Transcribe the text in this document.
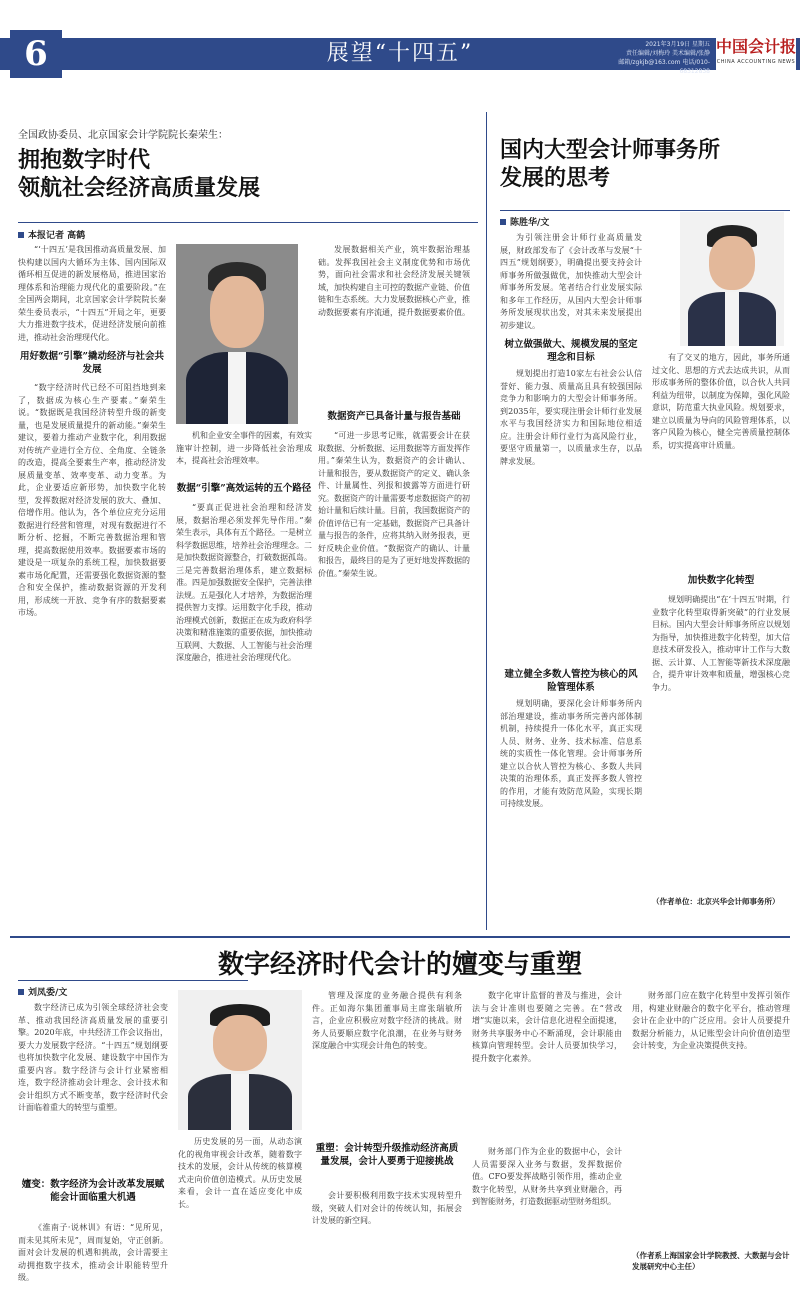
6	展望“十四五”	2021年3月19日 星期五
责任编辑/刘梅玲 美术编辑/张静
邮箱/zgkjb@163.com 电话/010-68312838
中国会计报
CHINA ACCOUNTING NEWS
全国政协委员、北京国家会计学院院长秦荣生：
拥抱数字时代
领航社会经济高质量发展
本报记者 高鹤

“‘十四五’是我国推动高质量发展、加快构建以国内大循环为主体、国内国际双循环相互促进的新发展格局，推进国家治理体系和治理能力现代化的重要阶段。”在全国两会期间，北京国家会计学院院长秦荣生委员表示，“十四五”开局之年，更要大力推进数字技术，促进经济发展向前推进，推动社会治理现代化。

用好数据“引擎”撬动经济与社会共发展

“数字经济时代已经不可阻挡地到来了，数据成为核心生产要素。”秦荣生说。“数据既是我国经济转型升级的新变量，也是发展质量提升的新动能。”秦荣生建议，要着力推动产业数字化，利用数据对传统产业进行全方位、全角度、全链条的改造，提高全要素生产率，推动经济发展质量变革、效率变革、动力变革。为此，企业要适应新形势，加快数字化转型，发挥数据对经济发展的放大、叠加、倍增作用。他认为，各个单位应充分运用数据进行经营和管理，对现有数据进行不断分析、挖掘，不断完善数据治理和管理，提高数据使用效率。数据要素市场的建设是一项复杂的系统工程，加快数据要素市场化配置，还需要强化数据资源的整合和安全保护，推动数据资源的开发利用，形成统一开放、竞争有序的数据要素市场。

机和企业安全事件的因素，有效实施审计控制，进一步降低社会治理成本，提高社会治理效率。

数据“引擎”高效运转的五个路径

“要真正促进社会治理和经济发展，数据治理必须发挥先导作用。”秦荣生表示，具体有五个路径。一是树立科学数据思维，培养社会治理理念。二是加快数据资源整合，打破数据孤岛。三是完善数据治理体系，建立数据标准。四是加强数据安全保护，完善法律法规。五是强化人才培养，为数据治理提供智力支撑。运用数字化手段，推动治理模式创新，数据正在成为政府科学决策和精准施策的重要依据，加快推动互联网、大数据、人工智能与社会治理深度融合，推进社会治理现代化。

发展数据相关产业，筑牢数据治理基础。发挥我国社会主义制度优势和市场优势，面向社会需求和社会经济发展关键领域，加快构建自主可控的数据产业链、价值链和生态系统。大力发展数据核心产业，推动数据要素有序流通，提升数据要素价值。

数据资产已具备计量与报告基础

“可进一步思考记账，就需要会计在获取数据、分析数据、运用数据等方面发挥作用。”秦荣生认为，数据资产的会计确认、计量和报告，要从数据资产的定义、确认条件、计量属性、列报和披露等方面进行研究。数据资产的计量需要考虑数据资产的初始计量和后续计量。目前，我国数据资产的价值评估已有一定基础，数据资产已具备计量与报告的条件，应将其纳入财务报表，更好反映企业价值。“数据资产的确认、计量和报告，最终目的是为了更好地发挥数据的价值。”秦荣生说。

国内大型会计师事务所
发展的思考
陈胜华/文

为引领注册会计师行业高质量发展，财政部发布了《会计改革与发展“十四五”规划纲要》，明确提出要支持会计师事务所做强做优，加快推动大型会计师事务所发展。笔者结合行业发展实际和多年工作经历，从国内大型会计师事务所发展现状出发，对其未来发展提出初步建议。

树立做强做大、规模发展的坚定理念和目标

规划提出打造10家左右社会公认信誉好、能力强、质量高且具有较强国际竞争力和影响力的大型会计师事务所。到2035年，要实现注册会计师行业发展水平与我国经济实力和国际地位相适应。注册会计师行业行为高风险行业，要坚守质量第一，以质量求生存，以品牌求发展。

建立健全多数人管控为核心的风险管理体系

规划明确，要深化会计师事务所内部治理建设，推动事务所完善内部体制机制，持续提升一体化水平，真正实现人员、财务、业务、技术标准、信息系统的实质性一体化管理。会计师事务所建立以合伙人管控为核心、多数人共同决策的治理体系，真正发挥多数人管控的作用，才能有效防范风险，实现长期可持续发展。

有了交叉的地方，因此，事务所通过文化、思想的方式去达成共识，从而形成事务所的整体价值，以合伙人共同利益为纽带，以制度为保障，强化风险意识，防范重大执业风险。规划要求，建立以质量为导向的风险管理体系，以客户风险为核心，健全完善质量控制体系，切实提高审计质量。

加快数字化转型

规划明确提出“在‘十四五’时期，行业数字化转型取得新突破”的行业发展目标。国内大型会计师事务所应以规划为指导，加快推进数字化转型，加大信息技术研发投入，推动审计工作与大数据、云计算、人工智能等新技术深度融合，提升审计效率和质量，增强核心竞争力。

（作者单位：北京兴华会计师事务所）
数字经济时代会计的嬗变与重塑
刘凤委/文

数字经济已成为引领全球经济社会变革、推动我国经济高质量发展的重要引擎。2020年底，中共经济工作会议指出，要大力发展数字经济。“十四五”规划纲要也将加快数字化发展、建设数字中国作为重要内容。数字经济与会计行业紧密相连，数字经济推动会计理念、会计技术和会计组织方式不断变革，数字经济时代会计面临着重大的转型与重塑。

嬗变：数字经济为会计改革发展赋能会计面临重大机遇

《淮南子·说林训》有语：“见所见，而未见其所未见”，周而复始，守正创新。面对会计发展的机遇和挑战，会计需要主动拥抱数字技术，推动会计职能转型升级。

历史发展的另一面，从动态演化的视角审视会计改革，随着数字技术的发展，会计从传统的核算模式走向价值创造模式。从历史发展来看，会计一直在适应变化中成长。

管理及深度的业务融合提供有利条件。正如海尔集团董事局主席张瑞敏所言，企业应积极应对数字经济的挑战。财务人员要顺应数字化浪潮，在业务与财务深度融合中实现会计角色的转变。

重塑：会计转型升级推动经济高质量发展，会计人要勇于迎接挑战

会计要积极利用数字技术实现转型升级，突破人们对会计的传统认知，拓展会计发展的新空间。

数字化审计监督的普及与推进，会计法与会计准则也要随之完善。在“营改增”实施以来，会计信息化进程全面提速，财务共享服务中心不断涌现，会计职能由核算向管理转型。会计人员要加快学习，提升数字化素养。

财务部门作为企业的数据中心，会计人员需要深入业务与数据，发挥数据价值。CFO要发挥战略引领作用，推动企业数字化转型，从财务共享到业财融合，再到智能财务，打造数据驱动型财务组织。

财务部门应在数字化转型中发挥引领作用，构建业财融合的数字化平台，推动管理会计在企业中的广泛应用。会计人员要提升数据分析能力，从记账型会计向价值创造型会计转变，为企业决策提供支持。

（作者系上海国家会计学院教授、大数据与会计发展研究中心主任）
